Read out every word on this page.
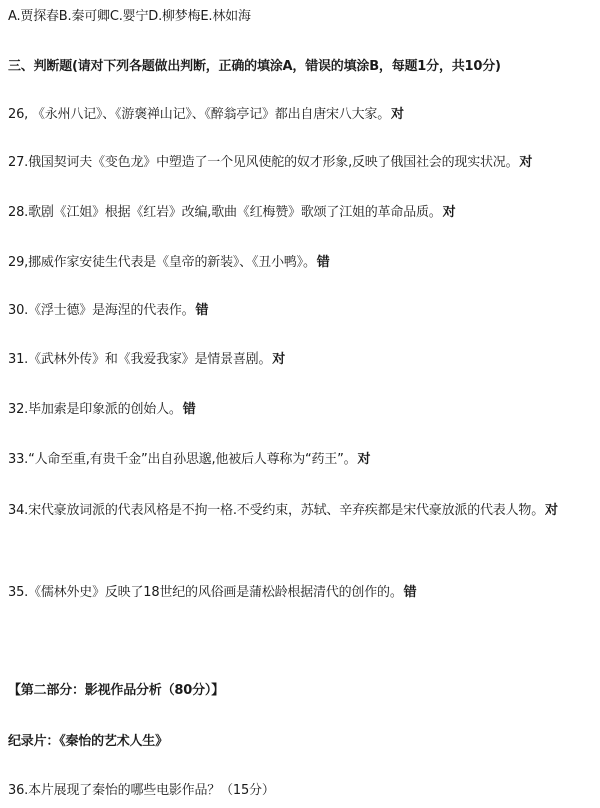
A.贾探春B.秦可卿C.婴宁D.柳梦梅E.林如海
三、判断题(请对下列各题做出判断，正确的填涂A，错误的填涂B，每题1分，共10分)
26, 《永州八记》、《游褒禅山记》、《醉翁亭记》都出自唐宋八大家。对
27.俄国契诃夫《变色龙》中塑造了一个见风使舵的奴才形象,反映了俄国社会的现实状况。对
28.歌剧《江姐》根据《红岩》改编,歌曲《红梅赞》歌颂了江姐的革命品质。对
29,挪威作家安徒生代表是《皇帝的新装》、《丑小鸭》。错
30.《浮士德》是海涅的代表作。错
31.《武林外传》和《我爱我家》是情景喜剧。对
32.毕加索是印象派的创始人。错
33.“人命至重,有贵千金”出自孙思邈,他被后人尊称为“药王”。对
34.宋代豪放词派的代表风格是不拘一格.不受约束，苏轼、辛弃疾都是宋代豪放派的代表人物。对
35.《儒林外史》反映了18世纪的风俗画是蒲松龄根据清代的创作的。错
【第二部分：影视作品分析（80分）】
纪录片：《秦怡的艺术人生》
36.本片展现了秦怡的哪些电影作品？（15分）
